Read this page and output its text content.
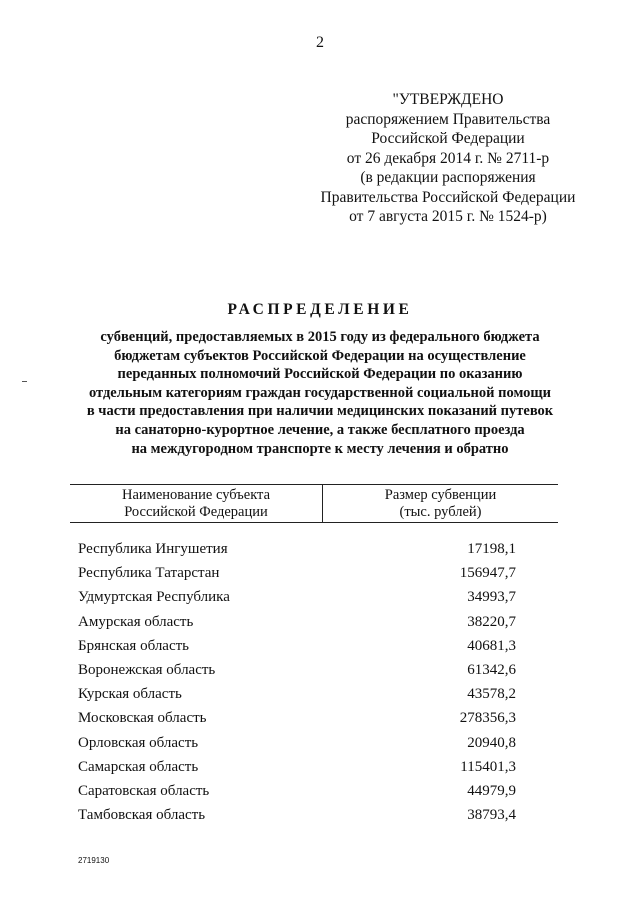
2
"УТВЕРЖДЕНО
распоряжением Правительства
Российской Федерации
от 26 декабря 2014 г. № 2711-р
(в редакции распоряжения
Правительства Российской Федерации
от 7 августа 2015 г. № 1524-р)
РАСПРЕДЕЛЕНИЕ
субвенций, предоставляемых в 2015 году из федерального бюджета
бюджетам субъектов Российской Федерации на осуществление
переданных полномочий Российской Федерации по оказанию
отдельным категориям граждан государственной социальной помощи
в части предоставления при наличии медицинских показаний путевок
на санаторно-курортное лечение, а также бесплатного проезда
на междугородном транспорте к месту лечения и обратно
Наименование субъекта
Российской Федерации
Размер субвенции
(тыс. рублей)
Республика Ингушетия	17198,1
Республика Татарстан	156947,7
Удмуртская Республика	34993,7
Амурская область	38220,7
Брянская область	40681,3
Воронежская область	61342,6
Курская область	43578,2
Московская область	278356,3
Орловская область	20940,8
Самарская область	115401,3
Саратовская область	44979,9
Тамбовская область	38793,4
2719130
